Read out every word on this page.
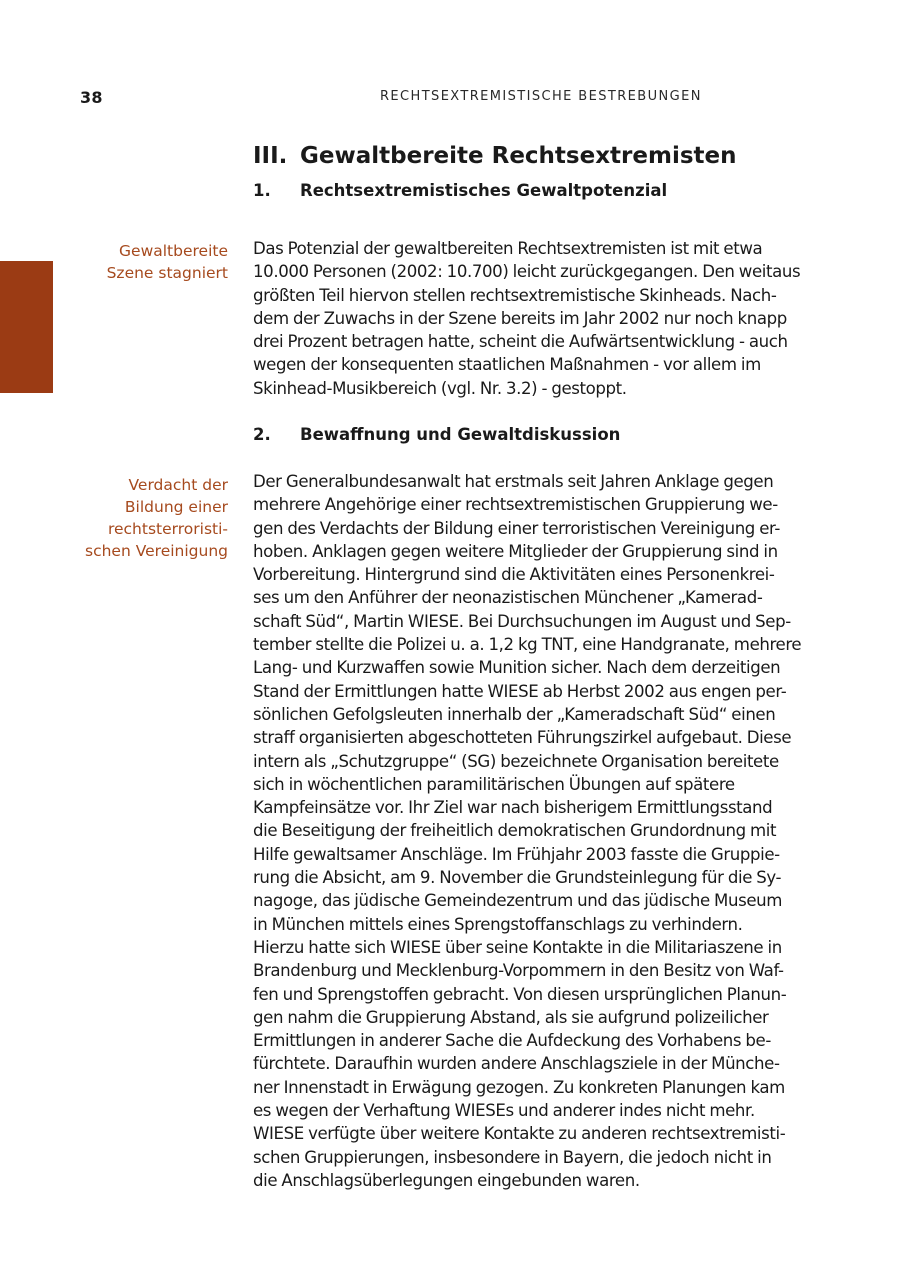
38	RECHTSEXTREMISTISCHE BESTREBUNGEN
III. Gewaltbereite Rechtsextremisten
1. Rechtsextremistisches Gewaltpotenzial
Gewaltbereite
Szene stagniert
Das Potenzial der gewaltbereiten Rechtsextremisten ist mit etwa
10.000 Personen (2002: 10.700) leicht zurückgegangen. Den weitaus
größten Teil hiervon stellen rechtsextremistische Skinheads. Nach-
dem der Zuwachs in der Szene bereits im Jahr 2002 nur noch knapp
drei Prozent betragen hatte, scheint die Aufwärtsentwicklung - auch
wegen der konsequenten staatlichen Maßnahmen - vor allem im
Skinhead-Musikbereich (vgl. Nr. 3.2) - gestoppt.
2. Bewaffnung und Gewaltdiskussion
Verdacht der
Bildung einer
rechtsterroristi-
schen Vereinigung
Der Generalbundesanwalt hat erstmals seit Jahren Anklage gegen
mehrere Angehörige einer rechtsextremistischen Gruppierung we-
gen des Verdachts der Bildung einer terroristischen Vereinigung er-
hoben. Anklagen gegen weitere Mitglieder der Gruppierung sind in
Vorbereitung. Hintergrund sind die Aktivitäten eines Personenkrei-
ses um den Anführer der neonazistischen Münchener „Kamerad-
schaft Süd“, Martin WIESE. Bei Durchsuchungen im August und Sep-
tember stellte die Polizei u. a. 1,2 kg TNT, eine Handgranate, mehrere
Lang- und Kurzwaffen sowie Munition sicher. Nach dem derzeitigen
Stand der Ermittlungen hatte WIESE ab Herbst 2002 aus engen per-
sönlichen Gefolgsleuten innerhalb der „Kameradschaft Süd“ einen
straff organisierten abgeschotteten Führungszirkel aufgebaut. Diese
intern als „Schutzgruppe“ (SG) bezeichnete Organisation bereitete
sich in wöchentlichen paramilitärischen Übungen auf spätere
Kampfeinsätze vor. Ihr Ziel war nach bisherigem Ermittlungsstand
die Beseitigung der freiheitlich demokratischen Grundordnung mit
Hilfe gewaltsamer Anschläge. Im Frühjahr 2003 fasste die Gruppie-
rung die Absicht, am 9. November die Grundsteinlegung für die Sy-
nagoge, das jüdische Gemeindezentrum und das jüdische Museum
in München mittels eines Sprengstoffanschlags zu verhindern.
Hierzu hatte sich WIESE über seine Kontakte in die Militariaszene in
Brandenburg und Mecklenburg-Vorpommern in den Besitz von Waf-
fen und Sprengstoffen gebracht. Von diesen ursprünglichen Planun-
gen nahm die Gruppierung Abstand, als sie aufgrund polizeilicher
Ermittlungen in anderer Sache die Aufdeckung des Vorhabens be-
fürchtete. Daraufhin wurden andere Anschlagsziele in der Münche-
ner Innenstadt in Erwägung gezogen. Zu konkreten Planungen kam
es wegen der Verhaftung WIESEs und anderer indes nicht mehr.
WIESE verfügte über weitere Kontakte zu anderen rechtsextremisti-
schen Gruppierungen, insbesondere in Bayern, die jedoch nicht in
die Anschlagsüberlegungen eingebunden waren.
